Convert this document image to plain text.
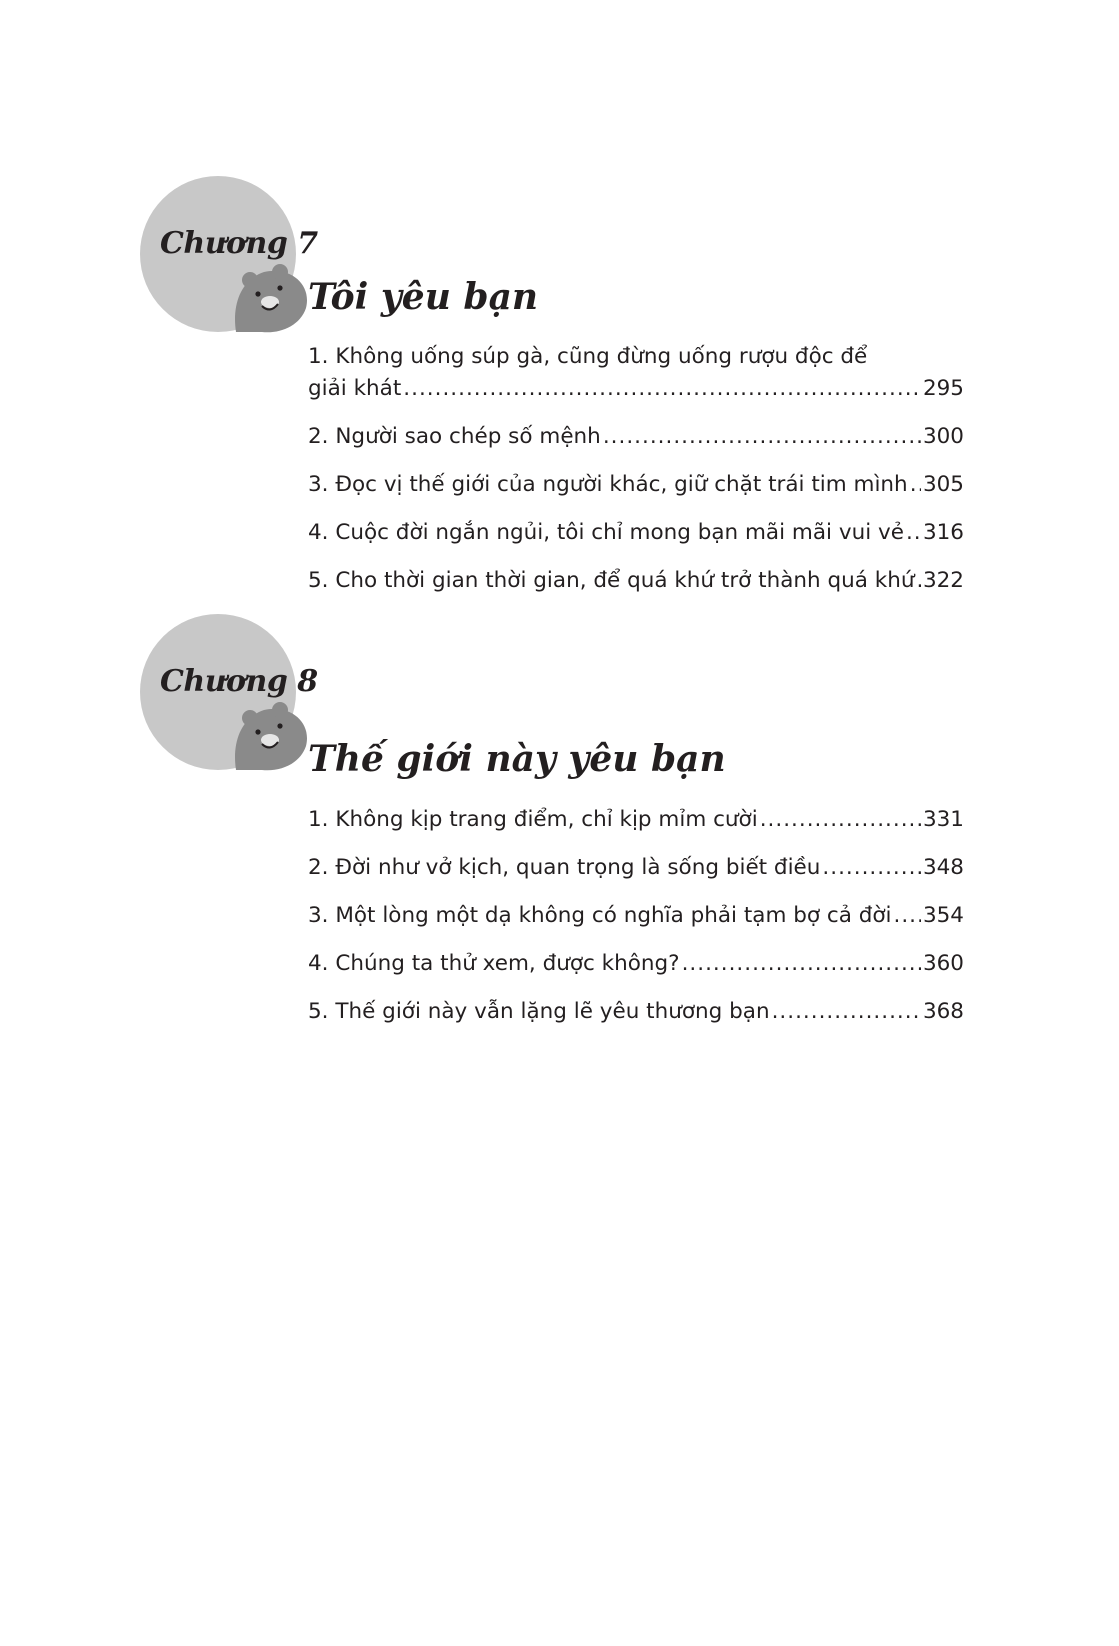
Chương 7
Tôi yêu bạn
1. Không uống súp gà, cũng đừng uống rượu độc để
giải khát .....	295
2. Người sao chép số mệnh .....	300
3. Đọc vị thế giới của người khác, giữ chặt trái tim mình ..... 305
4. Cuộc đời ngắn ngủi, tôi chỉ mong bạn mãi mãi vui vẻ ..... 316
5. Cho thời gian thời gian, để quá khứ trở thành quá khứ ..... 322
Chương 8
Thế giới này yêu bạn
1. Không kịp trang điểm, chỉ kịp mỉm cười .....	331
2. Đời như vở kịch, quan trọng là sống biết điều .....	348
3. Một lòng một dạ không có nghĩa phải tạm bợ cả đời ..... 354
4. Chúng ta thử xem, được không? .....	360
5. Thế giới này vẫn lặng lẽ yêu thương bạn .....	368
